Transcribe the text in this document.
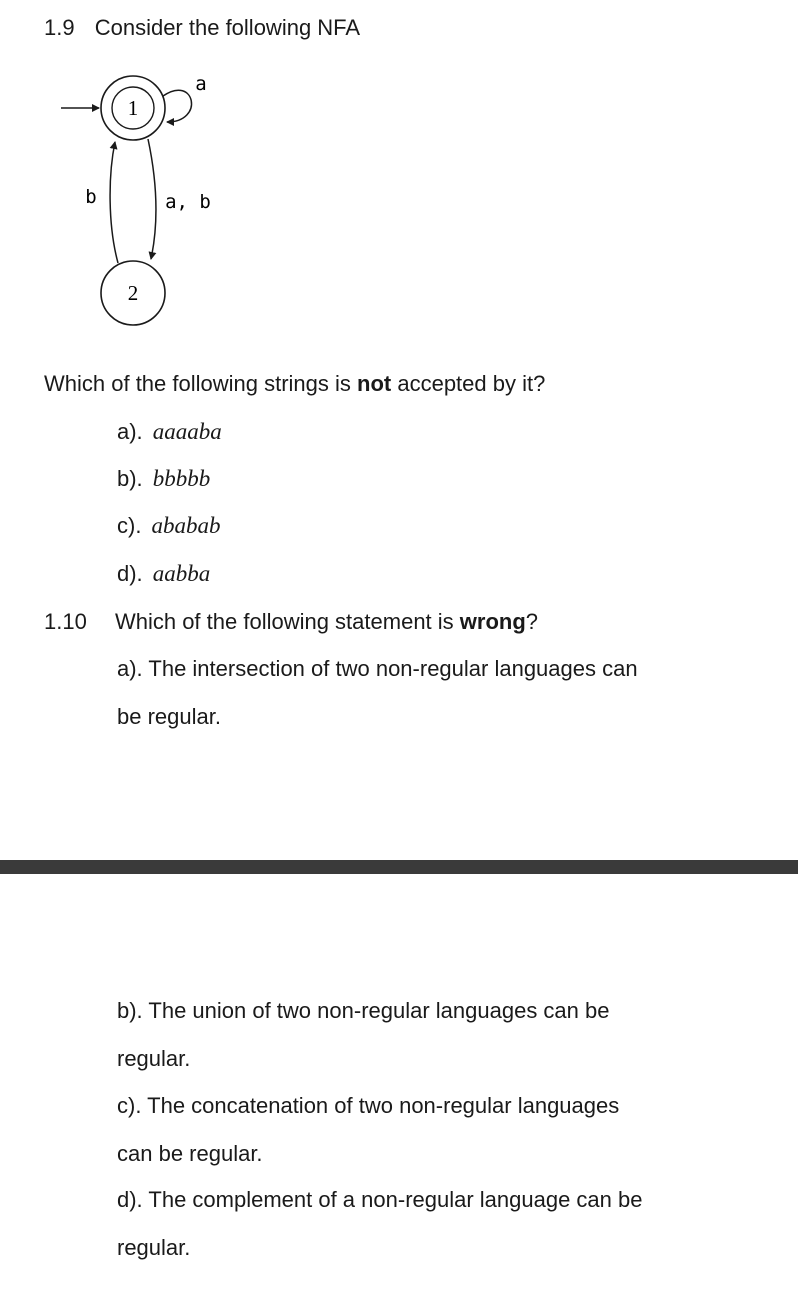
1.9 Consider the following NFA
1
a
2
a, b
b
Which of the following strings is not accepted by it?
a). aaaaba
b). bbbbb
c). ababab
d). aabba
1.10 Which of the following statement is wrong?
a). The intersection of two non-regular languages can
be regular.
b). The union of two non-regular languages can be
regular.
c). The concatenation of two non-regular languages
can be regular.
d). The complement of a non-regular language can be
regular.
